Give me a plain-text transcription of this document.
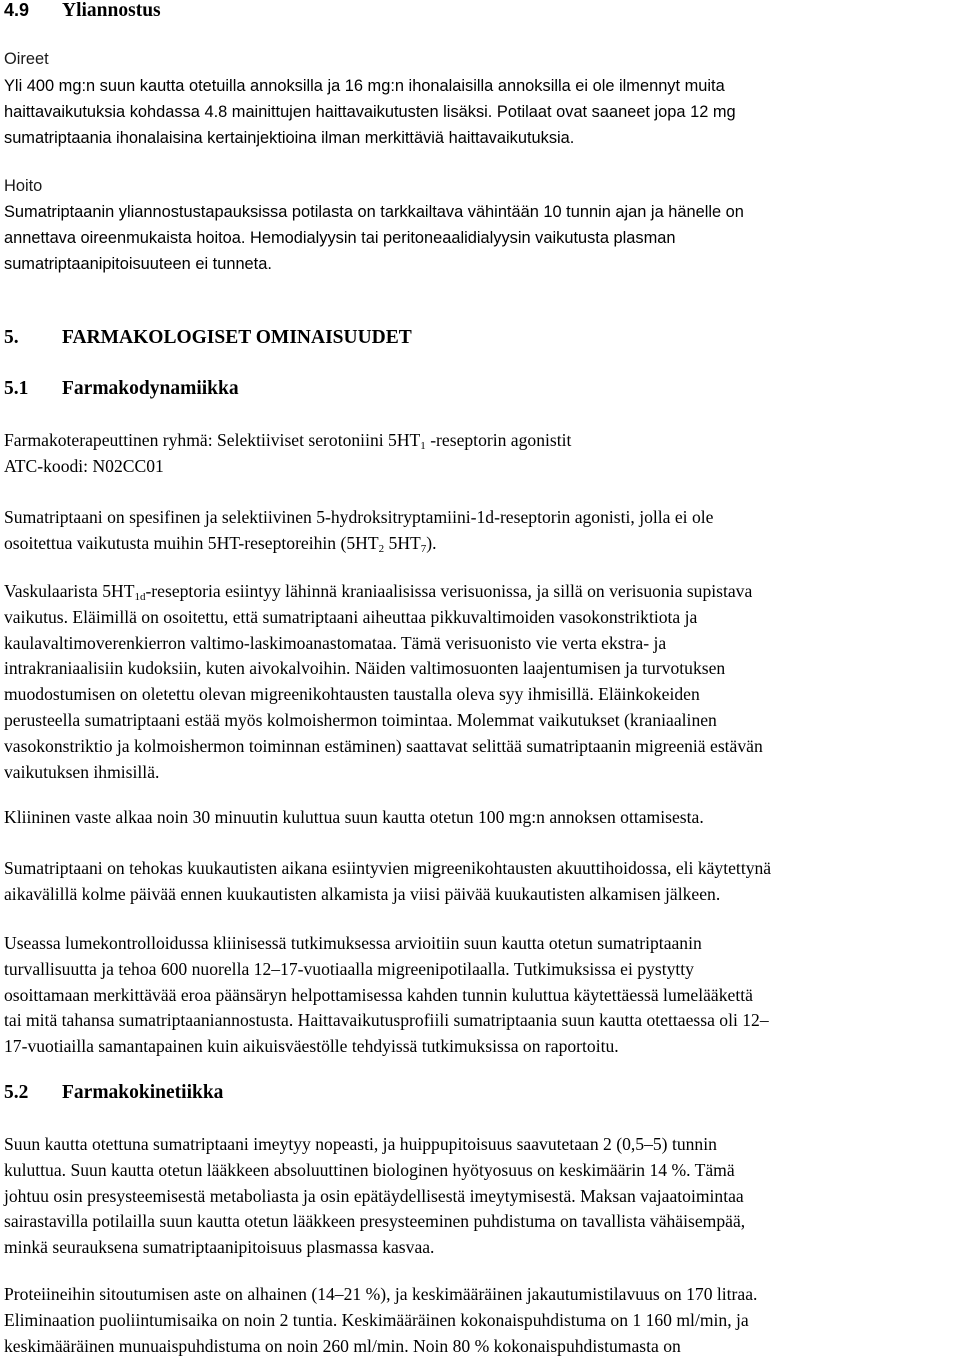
4.9 Yliannostus
Oireet
Yli 400 mg:n suun kautta otetuilla annoksilla ja 16 mg:n ihonalaisilla annoksilla ei ole ilmennyt muita
haittavaikutuksia kohdassa 4.8 mainittujen haittavaikutusten lisäksi. Potilaat ovat saaneet jopa 12 mg
sumatriptaania ihonalaisina kertainjektioina ilman merkittäviä haittavaikutuksia.
Hoito
Sumatriptaanin yliannostustapauksissa potilasta on tarkkailtava vähintään 10 tunnin ajan ja hänelle on
annettava oireenmukaista hoitoa. Hemodialyysin tai peritoneaalidialyysin vaikutusta plasman
sumatriptaanipitoisuuteen ei tunneta.
5. FARMAKOLOGISET OMINAISUUDET
5.1 Farmakodynamiikka
Farmakoterapeuttinen ryhmä: Selektiiviset serotoniini $5HT_1$ -reseptorin agonistit
ATC-koodi: N02CC01
Sumatriptaani on spesifinen ja selektiivinen 5-hydroksitryptamiini-1d-reseptorin agonisti, jolla ei ole
osoitettua vaikutusta muihin 5HT-reseptoreihin ($5HT_2$ $5HT_7$).
Vaskulaarista $5HT_{1d}$-reseptoria esiintyy lähinnä kraniaalisissa verisuonissa, ja sillä on verisuonia supistava
vaikutus. Eläimillä on osoitettu, että sumatriptaani aiheuttaa pikkuvaltimoiden vasokonstriktiota ja
kaulavaltimoverenkierron valtimo-laskimoanastomataa. Tämä verisuonisto vie verta ekstra- ja
intrakraniaalisiin kudoksiin, kuten aivokalvoihin. Näiden valtimosuonten laajentumisen ja turvotuksen
muodostumisen on oletettu olevan migreenikohtausten taustalla oleva syy ihmisillä. Eläinkokeiden
perusteella sumatriptaani estää myös kolmoishermon toimintaa. Molemmat vaikutukset (kraniaalinen
vasokonstriktio ja kolmoishermon toiminnan estäminen) saattavat selittää sumatriptaanin migreeniä estävän
vaikutuksen ihmisillä.
Kliininen vaste alkaa noin 30 minuutin kuluttua suun kautta otetun 100 mg:n annoksen ottamisesta.
Sumatriptaani on tehokas kuukautisten aikana esiintyvien migreenikohtausten akuuttihoidossa, eli käytettynä
aikavälillä kolme päivää ennen kuukautisten alkamista ja viisi päivää kuukautisten alkamisen jälkeen.
Useassa lumekontrolloidussa kliinisessä tutkimuksessa arvioitiin suun kautta otetun sumatriptaanin
turvallisuutta ja tehoa 600 nuorella 12–17-vuotiaalla migreenipotilaalla. Tutkimuksissa ei pystytty
osoittamaan merkittävää eroa päänsäryn helpottamisessa kahden tunnin kuluttua käytettäessä lumelääkettä
tai mitä tahansa sumatriptaaniannostusta. Haittavaikutusprofiili sumatriptaania suun kautta otettaessa oli 12–
17-vuotiailla samantapainen kuin aikuisväestölle tehdyissä tutkimuksissa on raportoitu.
5.2 Farmakokinetiikka
Suun kautta otettuna sumatriptaani imeytyy nopeasti, ja huippupitoisuus saavutetaan 2 (0,5–5) tunnin
kuluttua. Suun kautta otetun lääkkeen absoluuttinen biologinen hyötyosuus on keskimäärin 14 %. Tämä
johtuu osin presysteemisestä metaboliasta ja osin epätäydellisestä imeytymisestä. Maksan vajaatoimintaa
sairastavilla potilailla suun kautta otetun lääkkeen presysteeminen puhdistuma on tavallista vähäisempää,
minkä seurauksena sumatriptaanipitoisuus plasmassa kasvaa.
Proteiineihin sitoutumisen aste on alhainen (14–21 %), ja keskimääräinen jakautumistilavuus on 170 litraa.
Eliminaation puoliintumisaika on noin 2 tuntia. Keskimääräinen kokonaispuhdistuma on 1 160 ml/min, ja
keskimääräinen munuaispuhdistuma on noin 260 ml/min. Noin 80 % kokonaispuhdistumasta on
